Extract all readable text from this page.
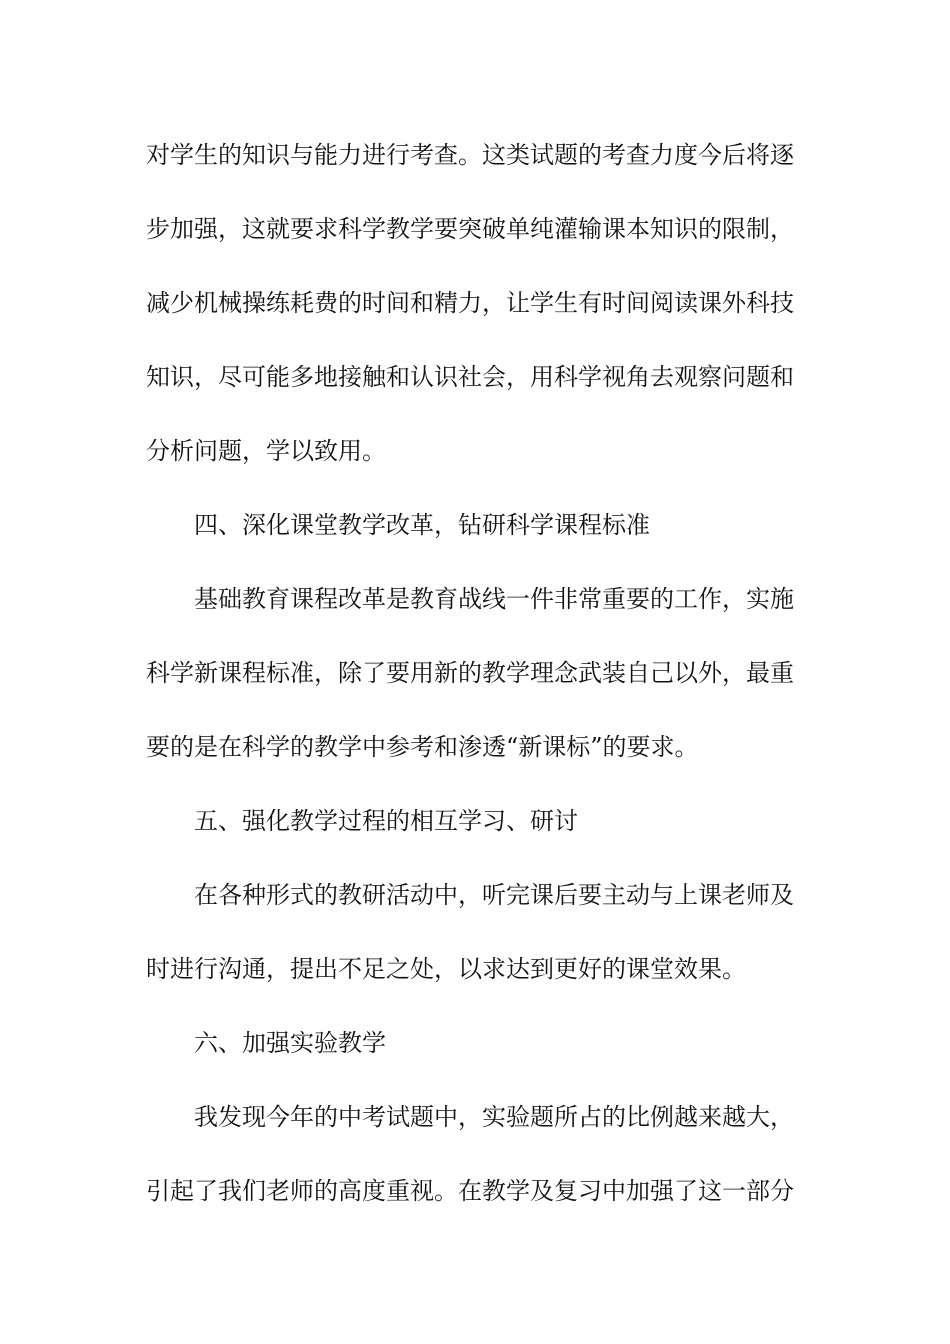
对学生的知识与能力进行考查。这类试题的考查力度今后将逐
步加强，这就要求科学教学要突破单纯灌输课本知识的限制，
减少机械操练耗费的时间和精力，让学生有时间阅读课外科技
知识，尽可能多地接触和认识社会，用科学视角去观察问题和
分析问题，学以致用。
四、深化课堂教学改革，钻研科学课程标准
基础教育课程改革是教育战线一件非常重要的工作，实施
科学新课程标准，除了要用新的教学理念武装自己以外，最重
要的是在科学的教学中参考和渗透“新课标”的要求。
五、强化教学过程的相互学习、研讨
在各种形式的教研活动中，听完课后要主动与上课老师及
时进行沟通，提出不足之处，以求达到更好的课堂效果。
六、加强实验教学
我发现今年的中考试题中，实验题所占的比例越来越大，
引起了我们老师的高度重视。在教学及复习中加强了这一部分
